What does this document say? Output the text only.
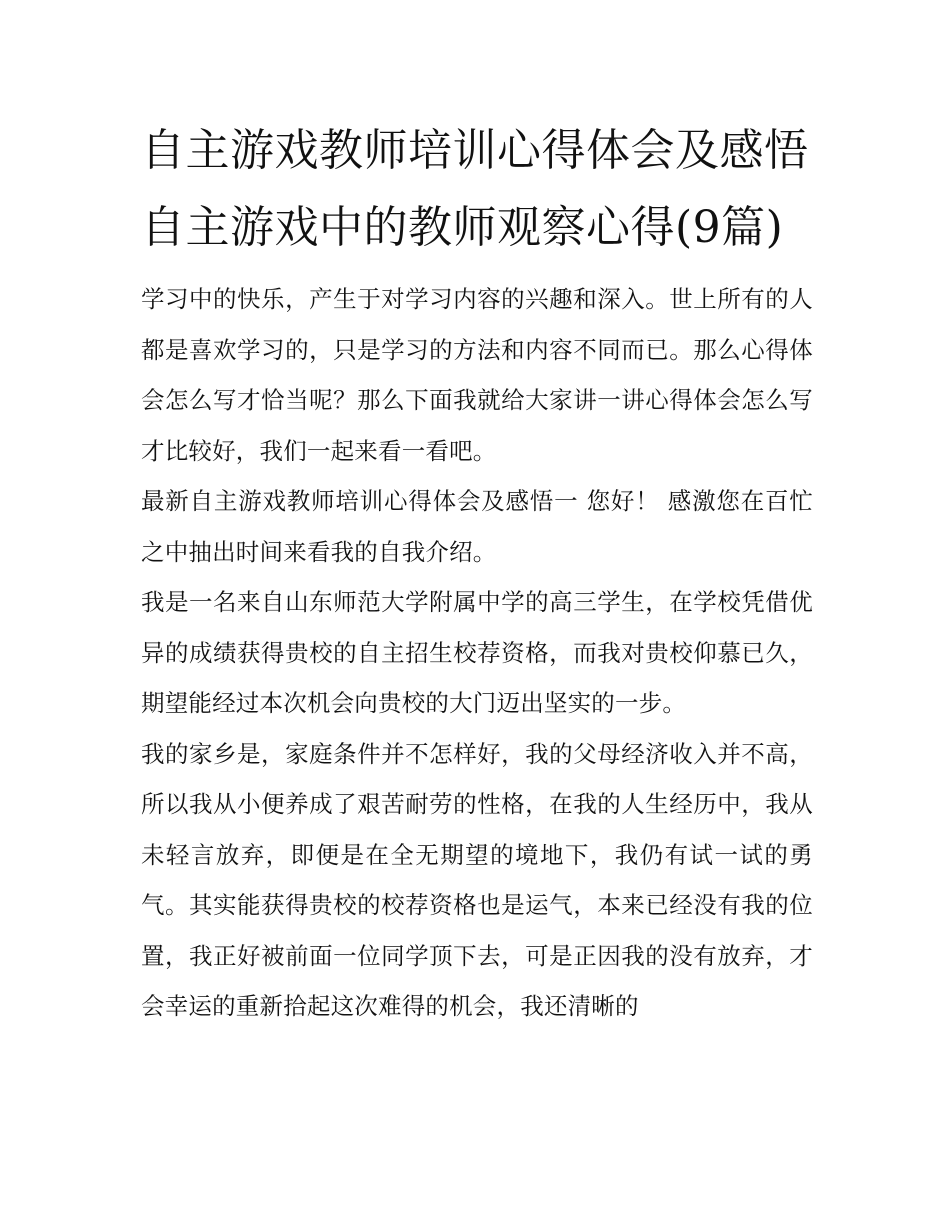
自主游戏教师培训心得体会及感悟 自主游戏中的教师观察心得(9篇)

学习中的快乐，产生于对学习内容的兴趣和深入。世上所有的人都是喜欢学习的，只是学习的方法和内容不同而已。那么心得体会怎么写才恰当呢？那么下面我就给大家讲一讲心得体会怎么写才比较好，我们一起来看一看吧。

最新自主游戏教师培训心得体会及感悟一 您好！ 感激您在百忙之中抽出时间来看我的自我介绍。

我是一名来自山东师范大学附属中学的高三学生，在学校凭借优异的成绩获得贵校的自主招生校荐资格，而我对贵校仰慕已久，期望能经过本次机会向贵校的大门迈出坚实的一步。

我的家乡是，家庭条件并不怎样好，我的父母经济收入并不高，所以我从小便养成了艰苦耐劳的性格，在我的人生经历中，我从未轻言放弃，即便是在全无期望的境地下，我仍有试一试的勇气。其实能获得贵校的校荐资格也是运气，本来已经没有我的位置，我正好被前面一位同学顶下去，可是正因我的没有放弃，才会幸运的重新拾起这次难得的机会，我还清晰的
